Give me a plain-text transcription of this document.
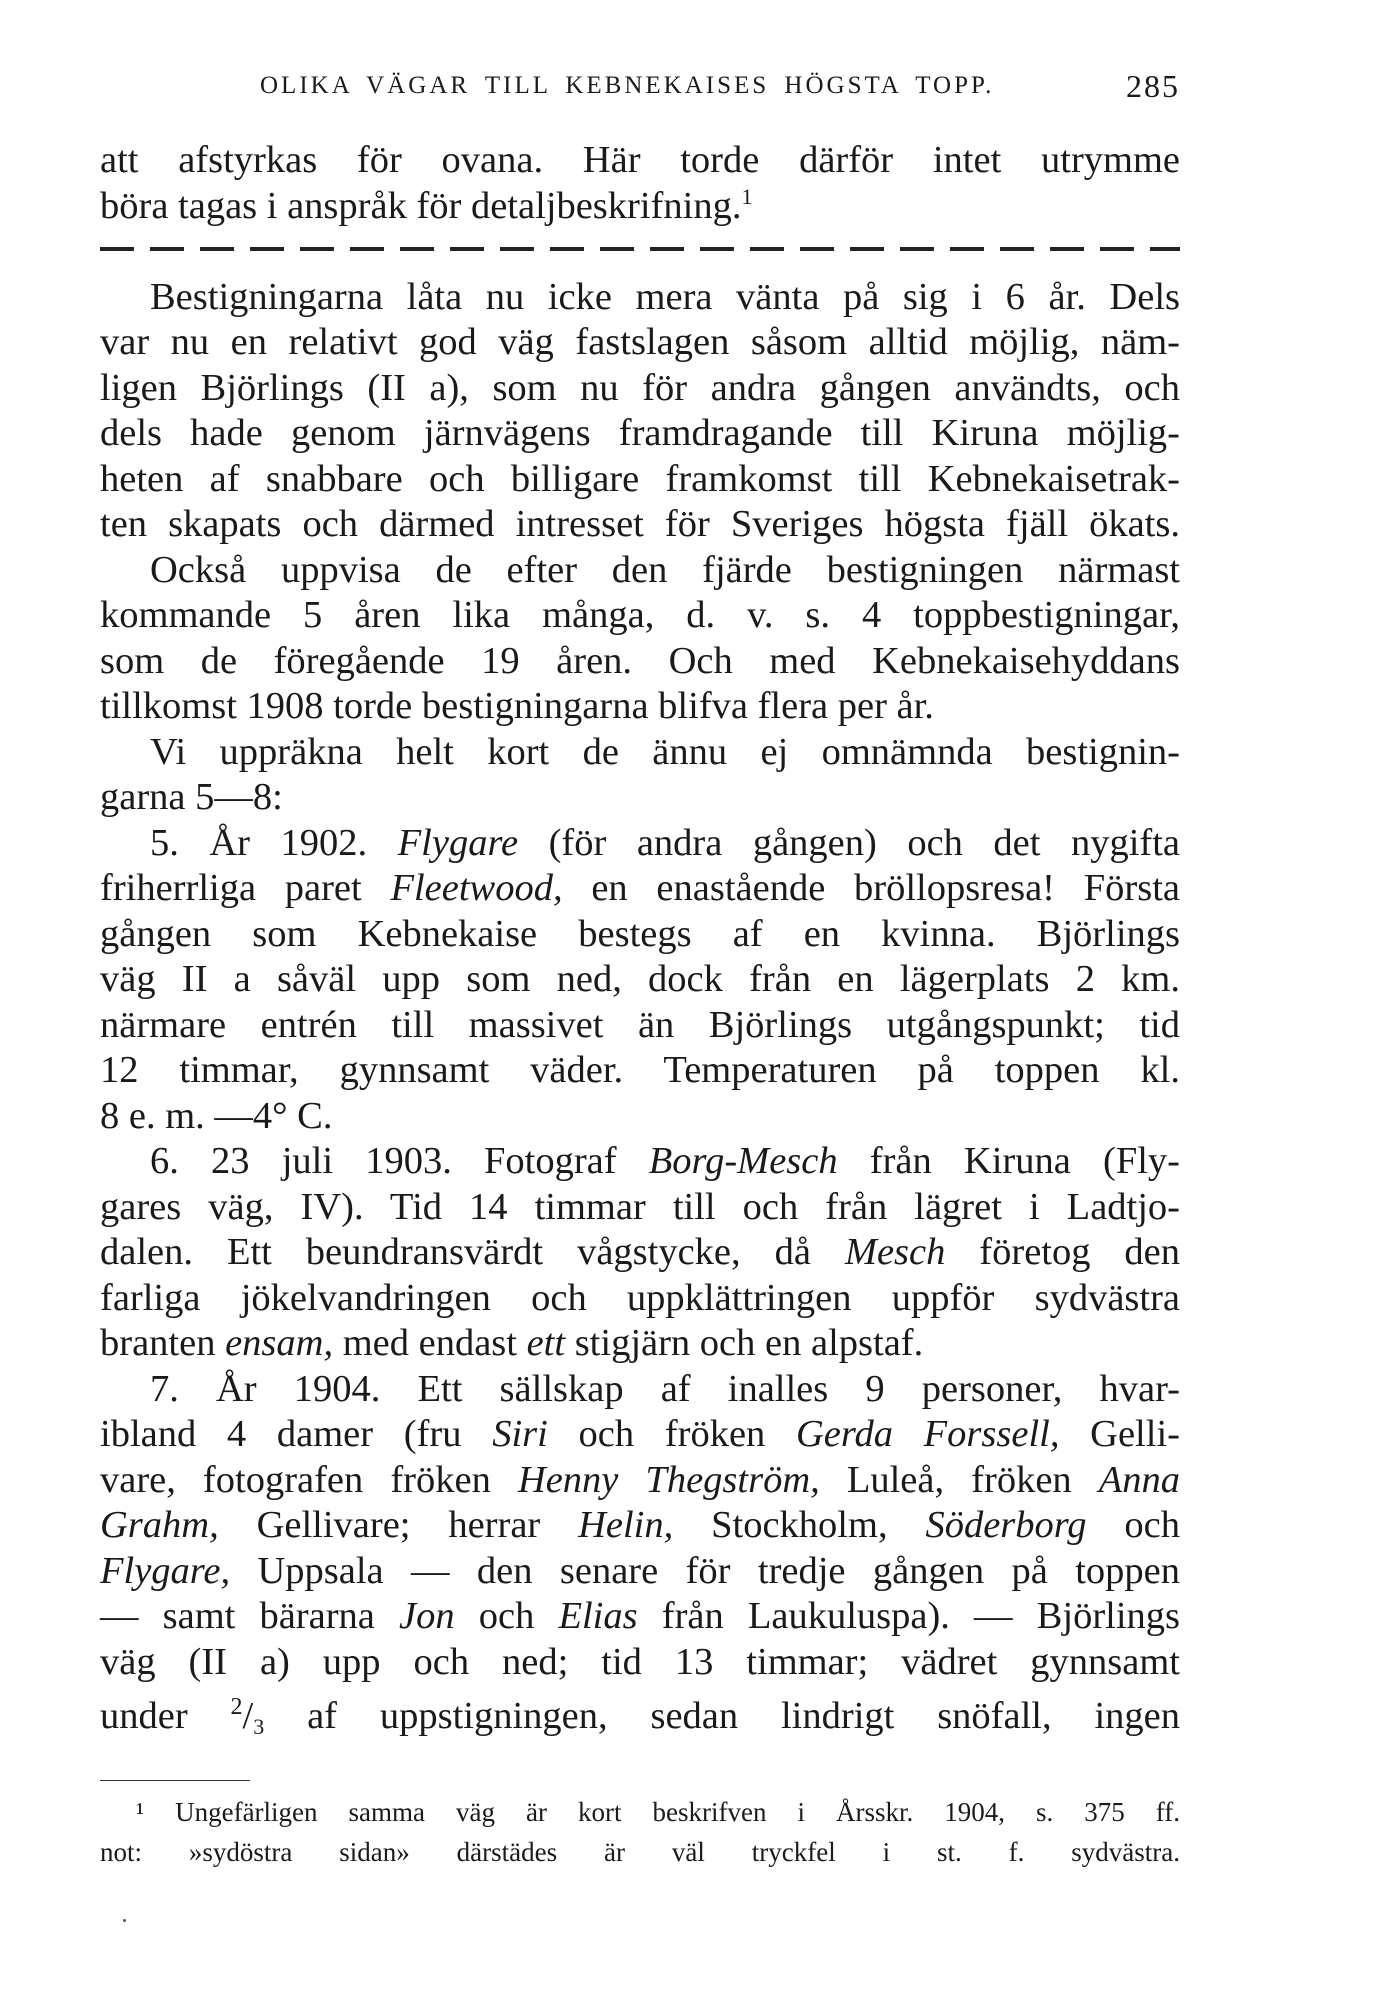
OLIKA VÄGAR TILL KEBNEKAISES HÖGSTA TOPP.	285
att afstyrkas för ovana. Här torde därför intet utrymme
böra tagas i anspråk för detaljbeskrifning.$^1$
Bestigningarna låta nu icke mera vänta på sig i 6 år. Dels
var nu en relativt god väg fastslagen såsom alltid möjlig, näm-
ligen Björlings (II a), som nu för andra gången användts, och
dels hade genom järnvägens framdragande till Kiruna möjlig-
heten af snabbare och billigare framkomst till Kebnekaisetrak-
ten skapats och därmed intresset för Sveriges högsta fjäll ökats.
Också uppvisa de efter den fjärde bestigningen närmast
kommande 5 åren lika många, d. v. s. 4 toppbestigningar,
som de föregående 19 åren. Och med Kebnekaisehyddans
tillkomst 1908 torde bestigningarna blifva flera per år.
Vi uppräkna helt kort de ännu ej omnämnda bestignin-
garna 5—8:
5. År 1902. Flygare (för andra gången) och det nygifta
friherrliga paret Fleetwood, en enastående bröllopsresa! Första
gången som Kebnekaise bestegs af en kvinna. Björlings
väg II a såväl upp som ned, dock från en lägerplats 2 km.
närmare entrén till massivet än Björlings utgångspunkt; tid
12 timmar, gynnsamt väder. Temperaturen på toppen kl.
8 e. m. —4° C.
6. 23 juli 1903. Fotograf Borg-Mesch från Kiruna (Fly-
gares väg, IV). Tid 14 timmar till och från lägret i Ladtjo-
dalen. Ett beundransvärdt vågstycke, då Mesch företog den
farliga jökelvandringen och uppklättringen uppför sydvästra
branten ensam, med endast ett stigjärn och en alpstaf.
7. År 1904. Ett sällskap af inalles 9 personer, hvar-
ibland 4 damer (fru Siri och fröken Gerda Forssell, Gelli-
vare, fotografen fröken Henny Thegström, Luleå, fröken Anna
Grahm, Gellivare; herrar Helin, Stockholm, Söderborg och
Flygare, Uppsala — den senare för tredje gången på toppen
— samt bärarna Jon och Elias från Laukuluspa). — Björlings
väg (II a) upp och ned; tid 13 timmar; vädret gynnsamt
under $^2$/3 af uppstigningen, sedan lindrigt snöfall, ingen
¹ Ungefärligen samma väg är kort beskrifven i Årsskr. 1904, s. 375 ff.
not: »sydöstra sidan» därstädes är väl tryckfel i st. f. sydvästra.
